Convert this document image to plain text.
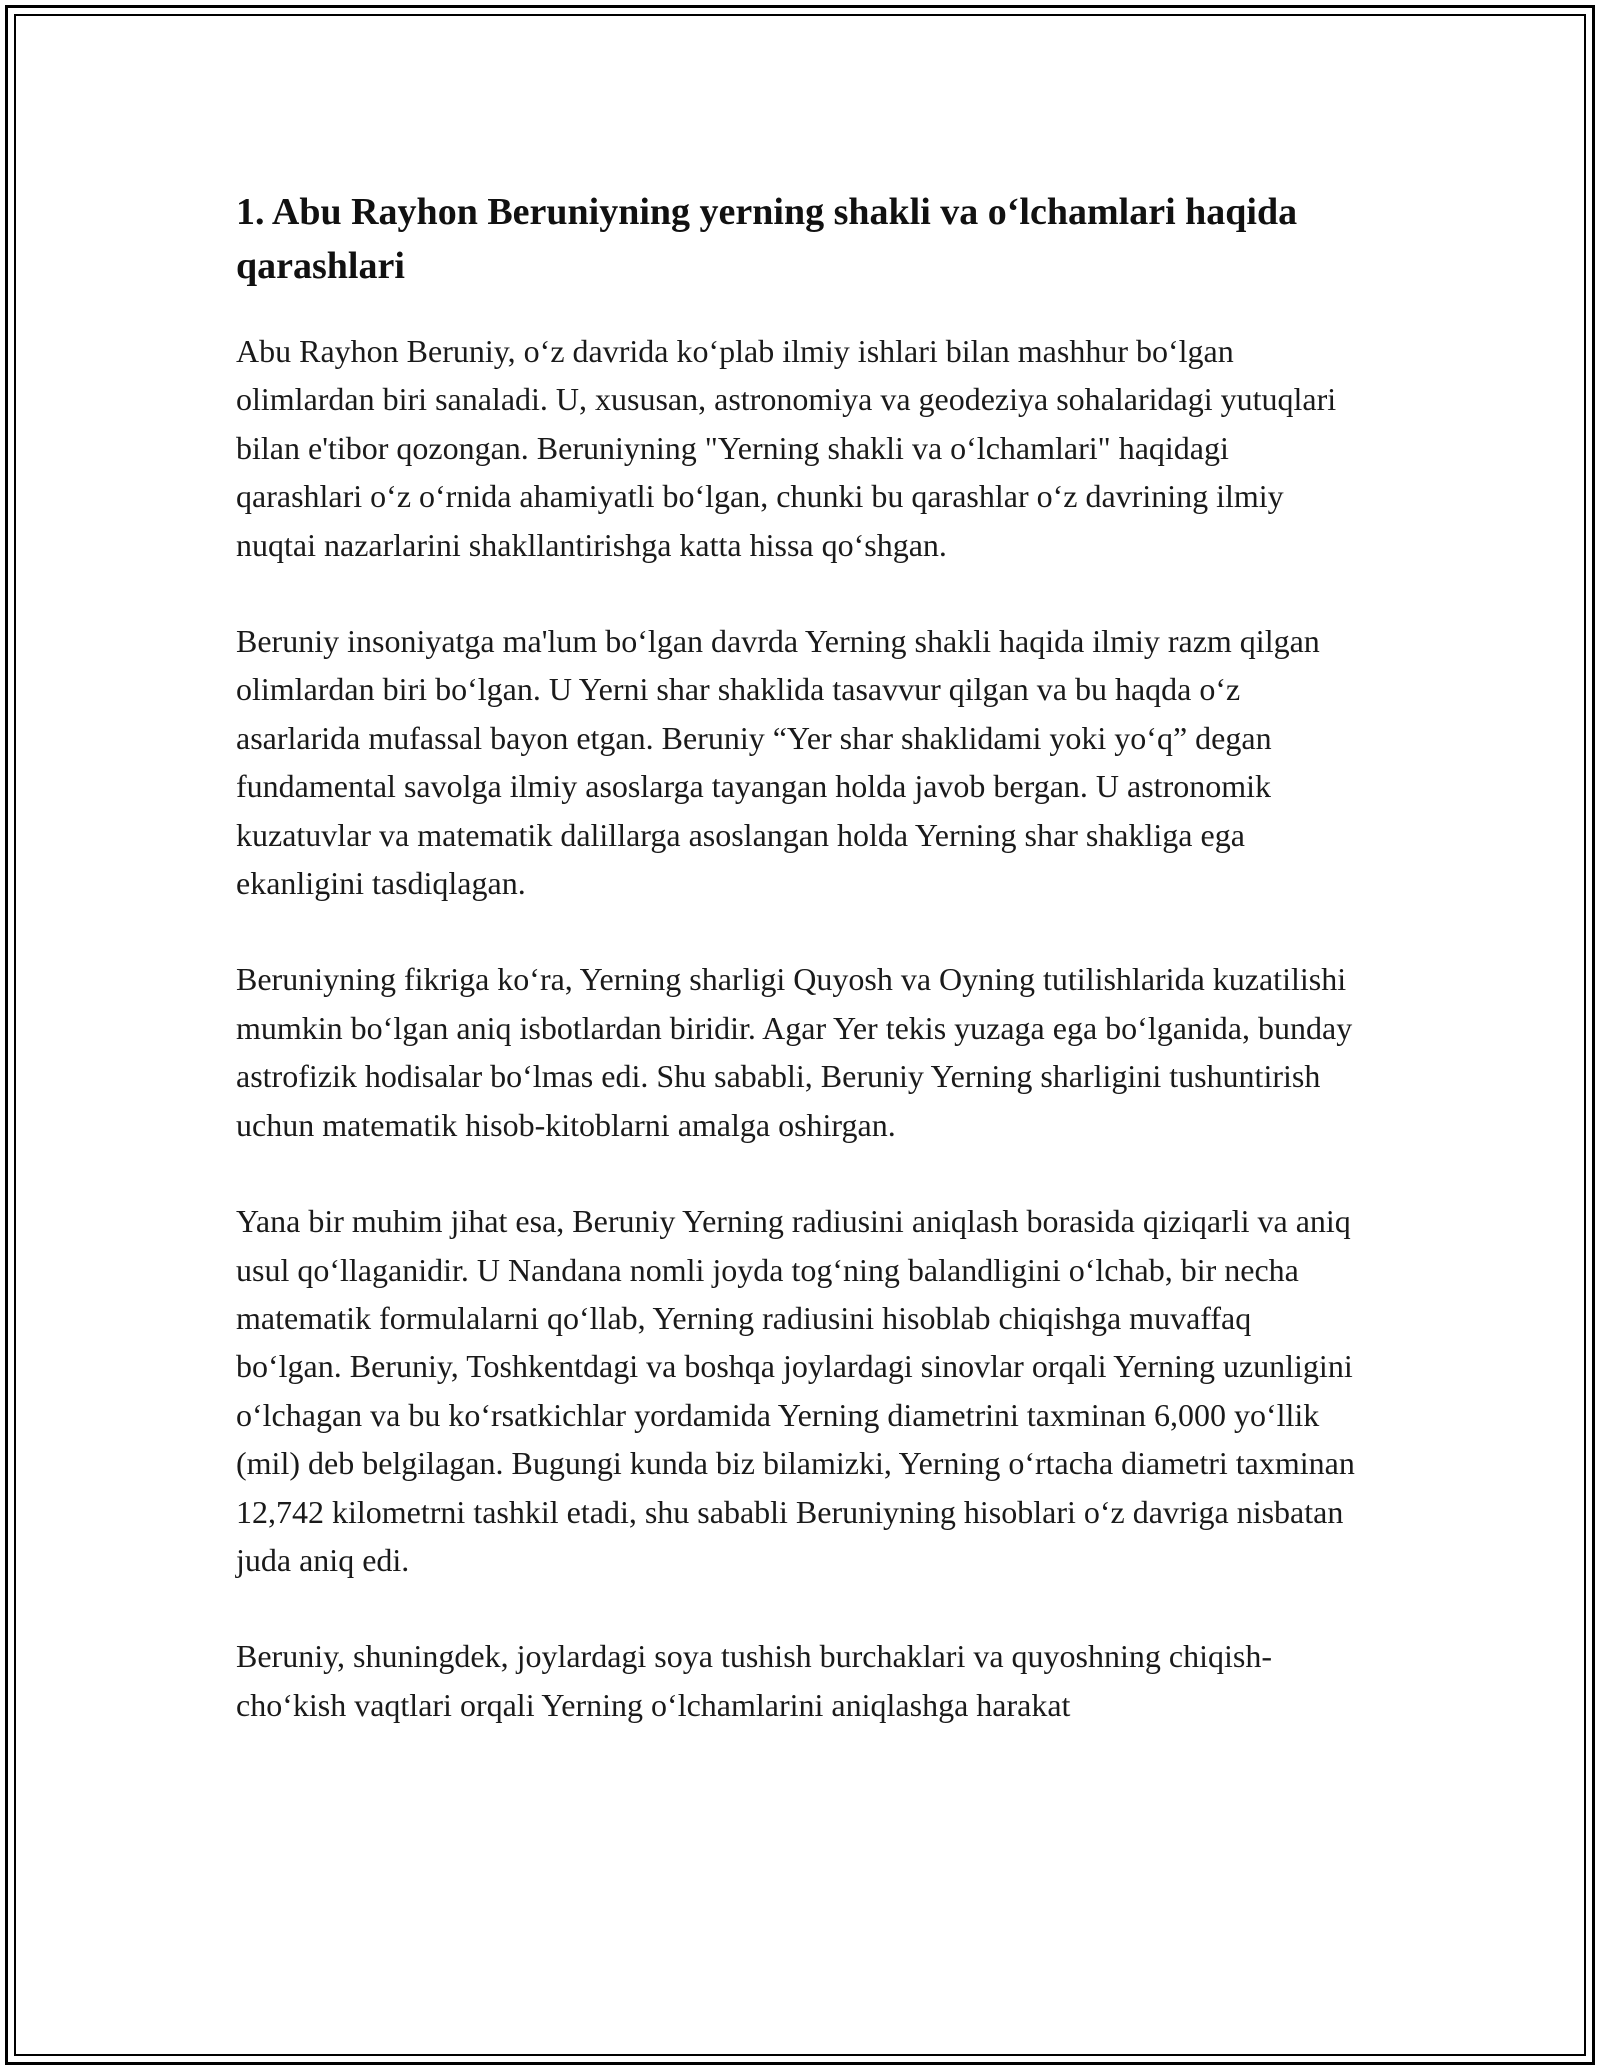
1. Abu Rayhon Beruniyning yerning shakli va oʻlchamlari haqida qarashlari

Abu Rayhon Beruniy, oʻz davrida koʻplab ilmiy ishlari bilan mashhur boʻlgan olimlardan biri sanaladi. U, xususan, astronomiya va geodeziya sohalaridagi yutuqlari bilan e'tibor qozongan. Beruniyning "Yerning shakli va oʻlchamlari" haqidagi qarashlari oʻz oʻrnida ahamiyatli boʻlgan, chunki bu qarashlar oʻz davrining ilmiy nuqtai nazarlarini shakllantirishga katta hissa qoʻshgan.

Beruniy insoniyatga ma'lum boʻlgan davrda Yerning shakli haqida ilmiy razm qilgan olimlardan biri boʻlgan. U Yerni shar shaklida tasavvur qilgan va bu haqda oʻz asarlarida mufassal bayon etgan. Beruniy “Yer shar shaklidami yoki yoʻq” degan fundamental savolga ilmiy asoslarga tayangan holda javob bergan. U astronomik kuzatuvlar va matematik dalillarga asoslangan holda Yerning shar shakliga ega ekanligini tasdiqlagan.

Beruniyning fikriga koʻra, Yerning sharligi Quyosh va Oyning tutilishlarida kuzatilishi mumkin boʻlgan aniq isbotlardan biridir. Agar Yer tekis yuzaga ega boʻlganida, bunday astrofizik hodisalar boʻlmas edi. Shu sababli, Beruniy Yerning sharligini tushuntirish uchun matematik hisob-kitoblarni amalga oshirgan.

Yana bir muhim jihat esa, Beruniy Yerning radiusini aniqlash borasida qiziqarli va aniq usul qoʻllaganidir. U Nandana nomli joyda togʻning balandligini oʻlchab, bir necha matematik formulalarni qoʻllab, Yerning radiusini hisoblab chiqishga muvaffaq boʻlgan. Beruniy, Toshkentdagi va boshqa joylardagi sinovlar orqali Yerning uzunligini oʻlchagan va bu koʻrsatkichlar yordamida Yerning diametrini taxminan 6,000 yoʻllik (mil) deb belgilagan. Bugungi kunda biz bilamizki, Yerning oʻrtacha diametri taxminan 12,742 kilometrni tashkil etadi, shu sababli Beruniyning hisoblari oʻz davriga nisbatan juda aniq edi.

Beruniy, shuningdek, joylardagi soya tushish burchaklari va quyoshning chiqish-choʻkish vaqtlari orqali Yerning oʻlchamlarini aniqlashga harakat
